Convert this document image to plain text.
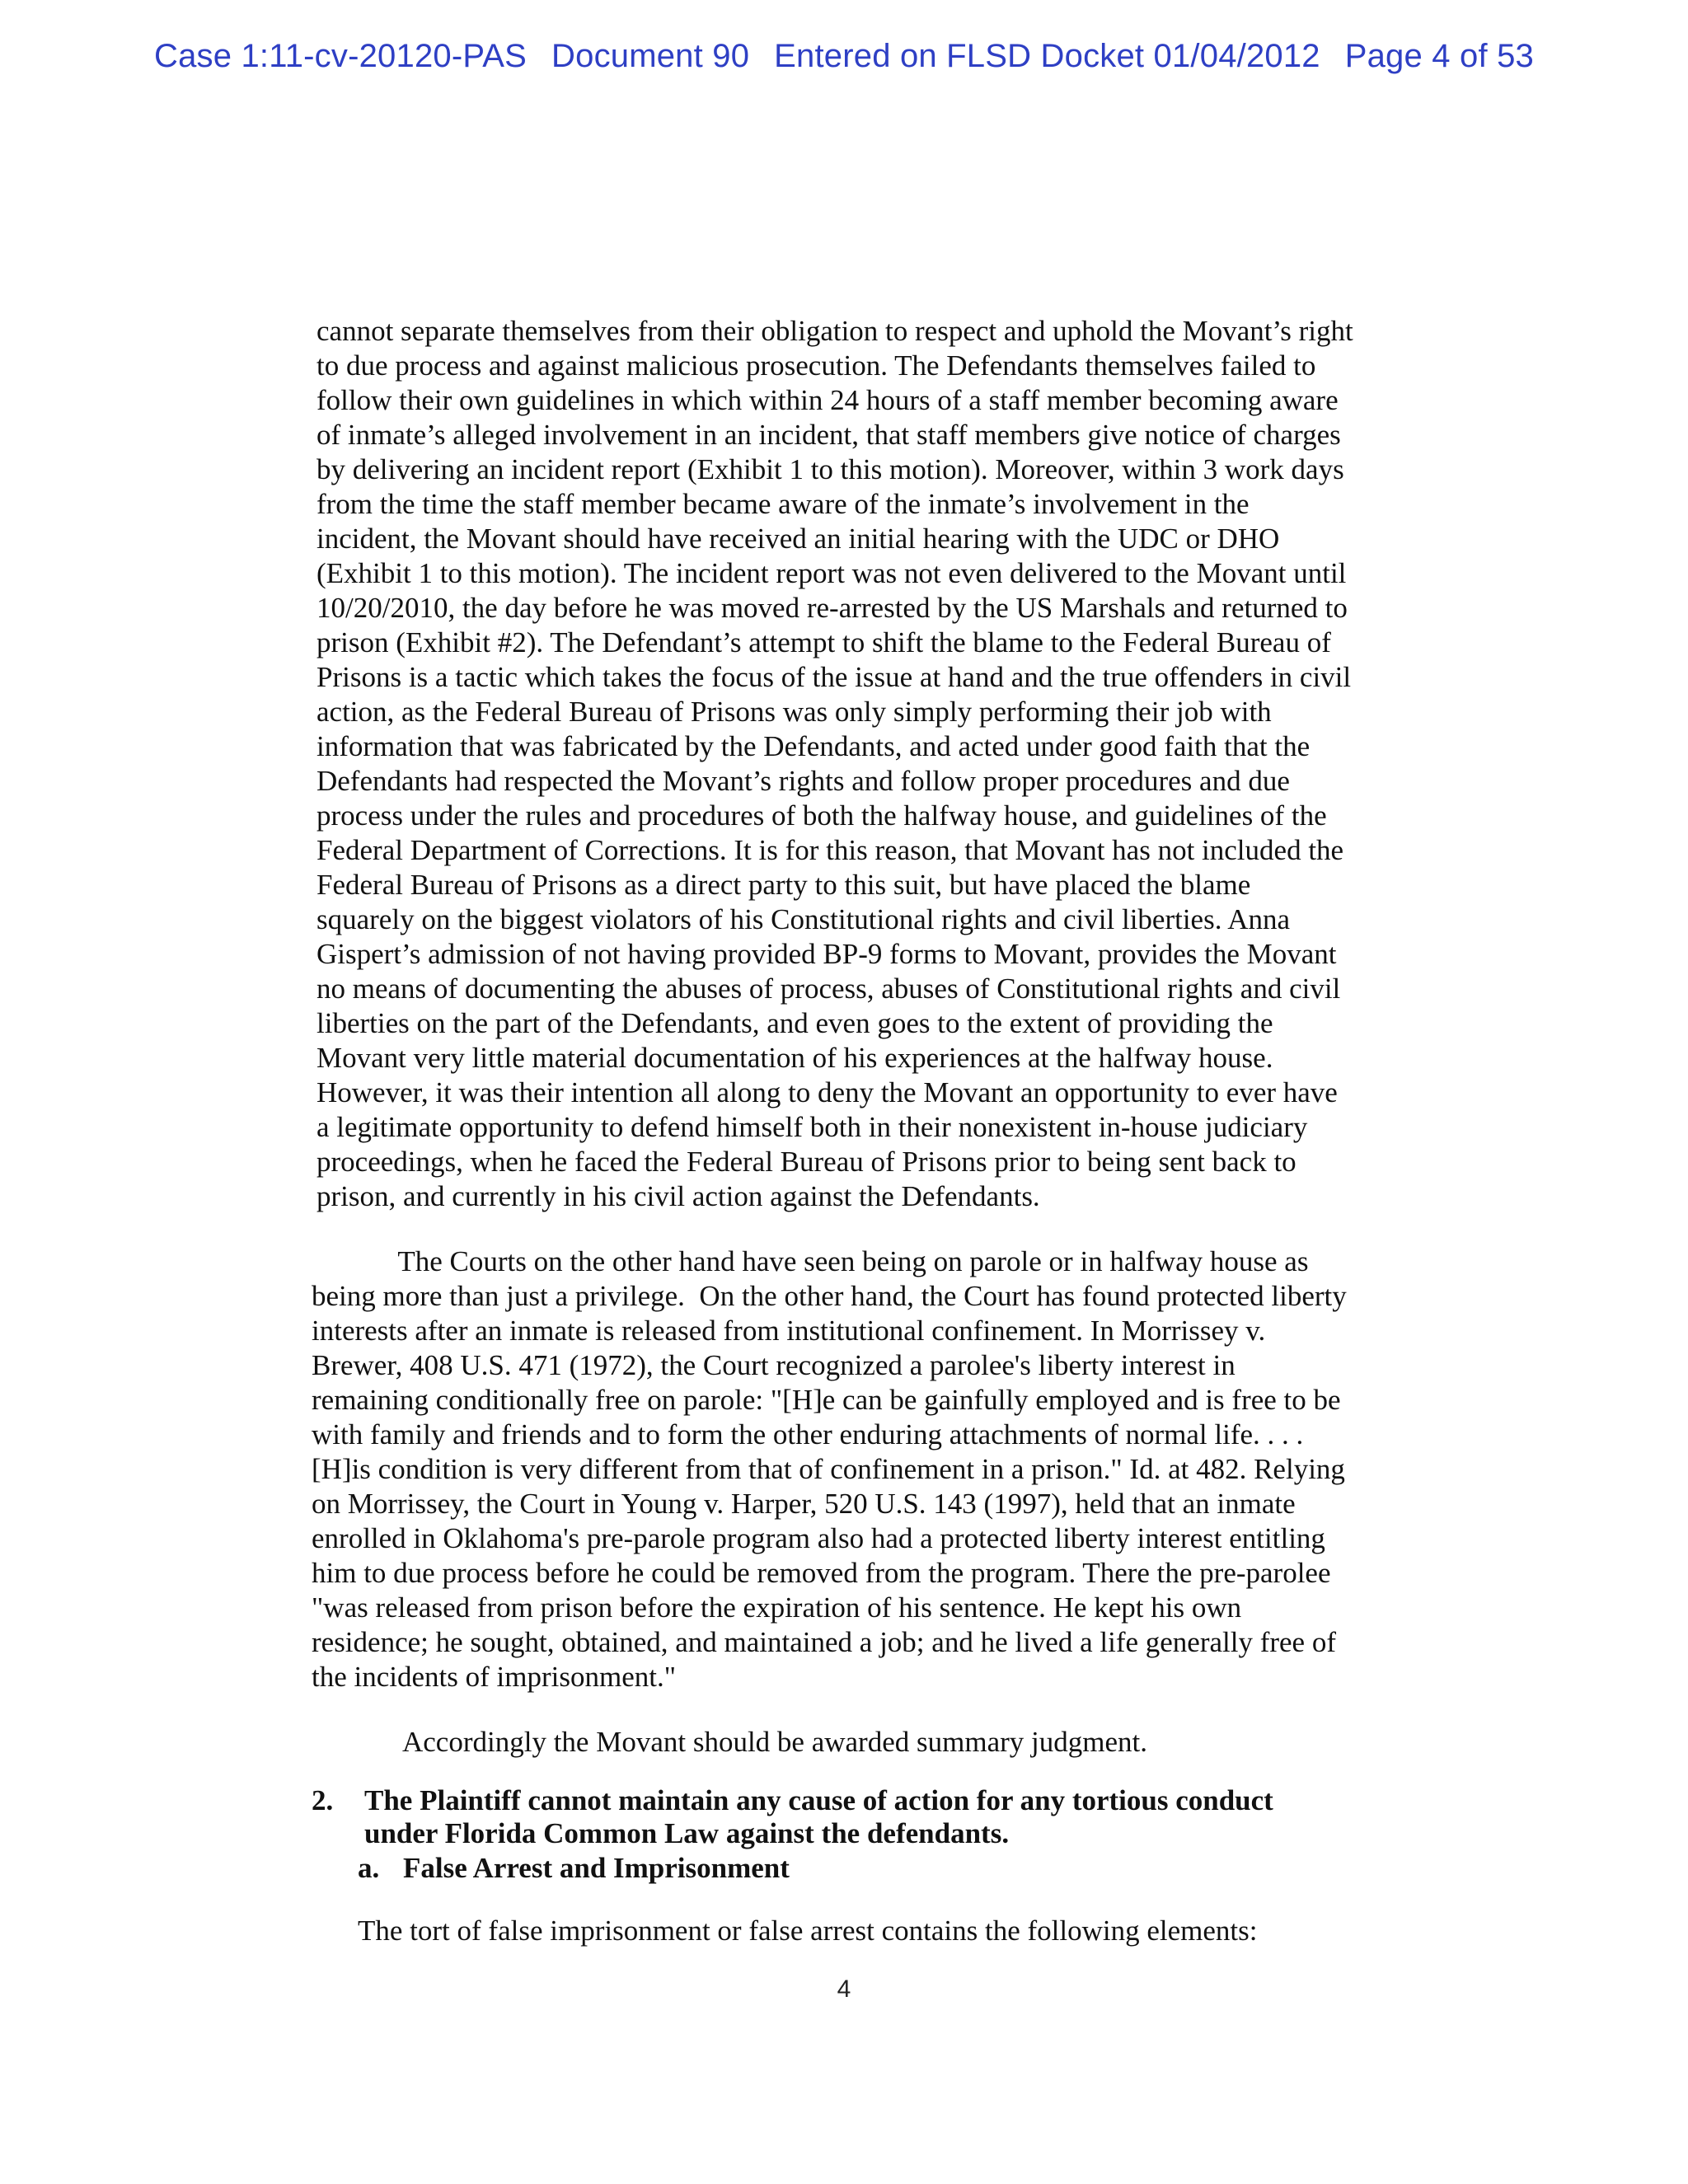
Case 1:11-cv-20120-PAS Document 90 Entered on FLSD Docket 01/04/2012 Page 4 of 53
cannot separate themselves from their obligation to respect and uphold the Movant’s right
to due process and against malicious prosecution. The Defendants themselves failed to
follow their own guidelines in which within 24 hours of a staff member becoming aware
of inmate’s alleged involvement in an incident, that staff members give notice of charges
by delivering an incident report (Exhibit 1 to this motion). Moreover, within 3 work days
from the time the staff member became aware of the inmate’s involvement in the
incident, the Movant should have received an initial hearing with the UDC or DHO
(Exhibit 1 to this motion). The incident report was not even delivered to the Movant until
10/20/2010, the day before he was moved re-arrested by the US Marshals and returned to
prison (Exhibit #2). The Defendant’s attempt to shift the blame to the Federal Bureau of
Prisons is a tactic which takes the focus of the issue at hand and the true offenders in civil
action, as the Federal Bureau of Prisons was only simply performing their job with
information that was fabricated by the Defendants, and acted under good faith that the
Defendants had respected the Movant’s rights and follow proper procedures and due
process under the rules and procedures of both the halfway house, and guidelines of the
Federal Department of Corrections. It is for this reason, that Movant has not included the
Federal Bureau of Prisons as a direct party to this suit, but have placed the blame
squarely on the biggest violators of his Constitutional rights and civil liberties. Anna
Gispert’s admission of not having provided BP-9 forms to Movant, provides the Movant
no means of documenting the abuses of process, abuses of Constitutional rights and civil
liberties on the part of the Defendants, and even goes to the extent of providing the
Movant very little material documentation of his experiences at the halfway house.
However, it was their intention all along to deny the Movant an opportunity to ever have
a legitimate opportunity to defend himself both in their nonexistent in-house judiciary
proceedings, when he faced the Federal Bureau of Prisons prior to being sent back to
prison, and currently in his civil action against the Defendants.
The Courts on the other hand have seen being on parole or in halfway house as
being more than just a privilege.  On the other hand, the Court has found protected liberty
interests after an inmate is released from institutional confinement. In Morrissey v.
Brewer, 408 U.S. 471 (1972), the Court recognized a parolee's liberty interest in
remaining conditionally free on parole: "[H]e can be gainfully employed and is free to be
with family and friends and to form the other enduring attachments of normal life. . . .
[H]is condition is very different from that of confinement in a prison." Id. at 482. Relying
on Morrissey, the Court in Young v. Harper, 520 U.S. 143 (1997), held that an inmate
enrolled in Oklahoma's pre-parole program also had a protected liberty interest entitling
him to due process before he could be removed from the program. There the pre-parolee
"was released from prison before the expiration of his sentence. He kept his own
residence; he sought, obtained, and maintained a job; and he lived a life generally free of
the incidents of imprisonment."
Accordingly the Movant should be awarded summary judgment.
2. The Plaintiff cannot maintain any cause of action for any tortious conduct
under Florida Common Law against the defendants.
a. False Arrest and Imprisonment
The tort of false imprisonment or false arrest contains the following elements:
4
